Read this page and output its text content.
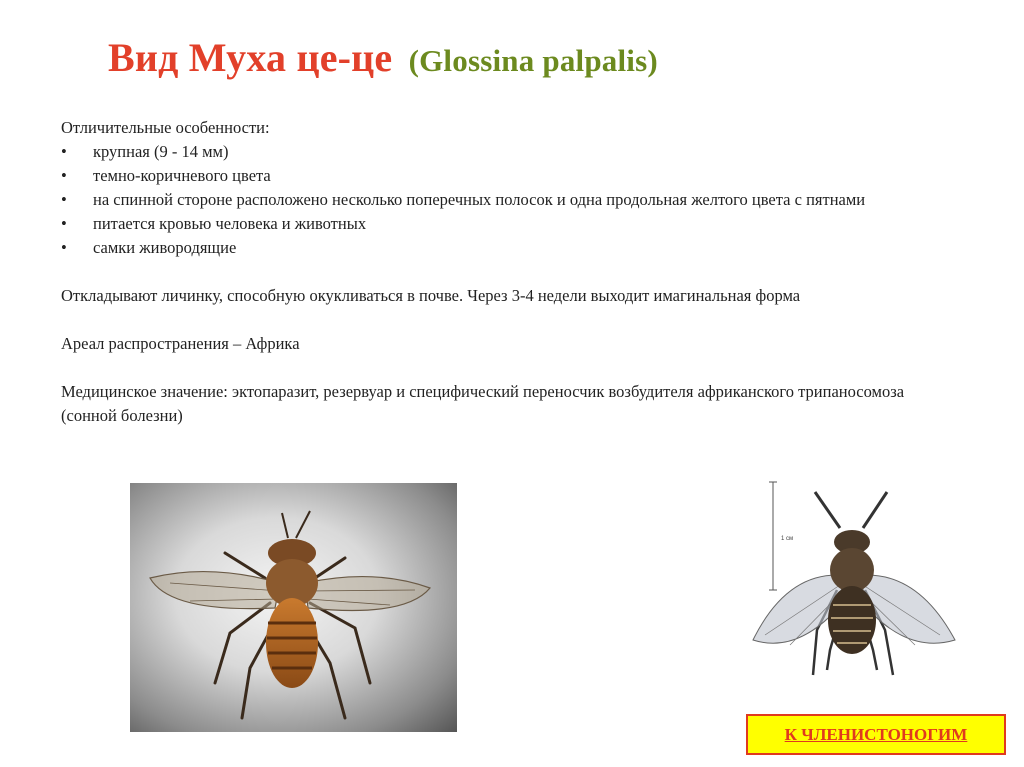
Вид Муха це-це (Glossina palpalis)

Отличительные особенности:

• крупная (9 - 14 мм)
• темно-коричневого цвета
• на спинной стороне расположено несколько поперечных полосок и одна продольная желтого цвета с пятнами
• питается кровью человека и животных
• самки живородящие

Откладывают личинку, способную окукливаться в почве. Через 3-4 недели выходит имагинальная форма

Ареал распространения – Африка

Медицинское значение: эктопаразит, резервуар и специфический переносчик возбудителя африканского трипаносомоза (сонной болезни)

1 см
К ЧЛЕНИСТОНОГИМ
